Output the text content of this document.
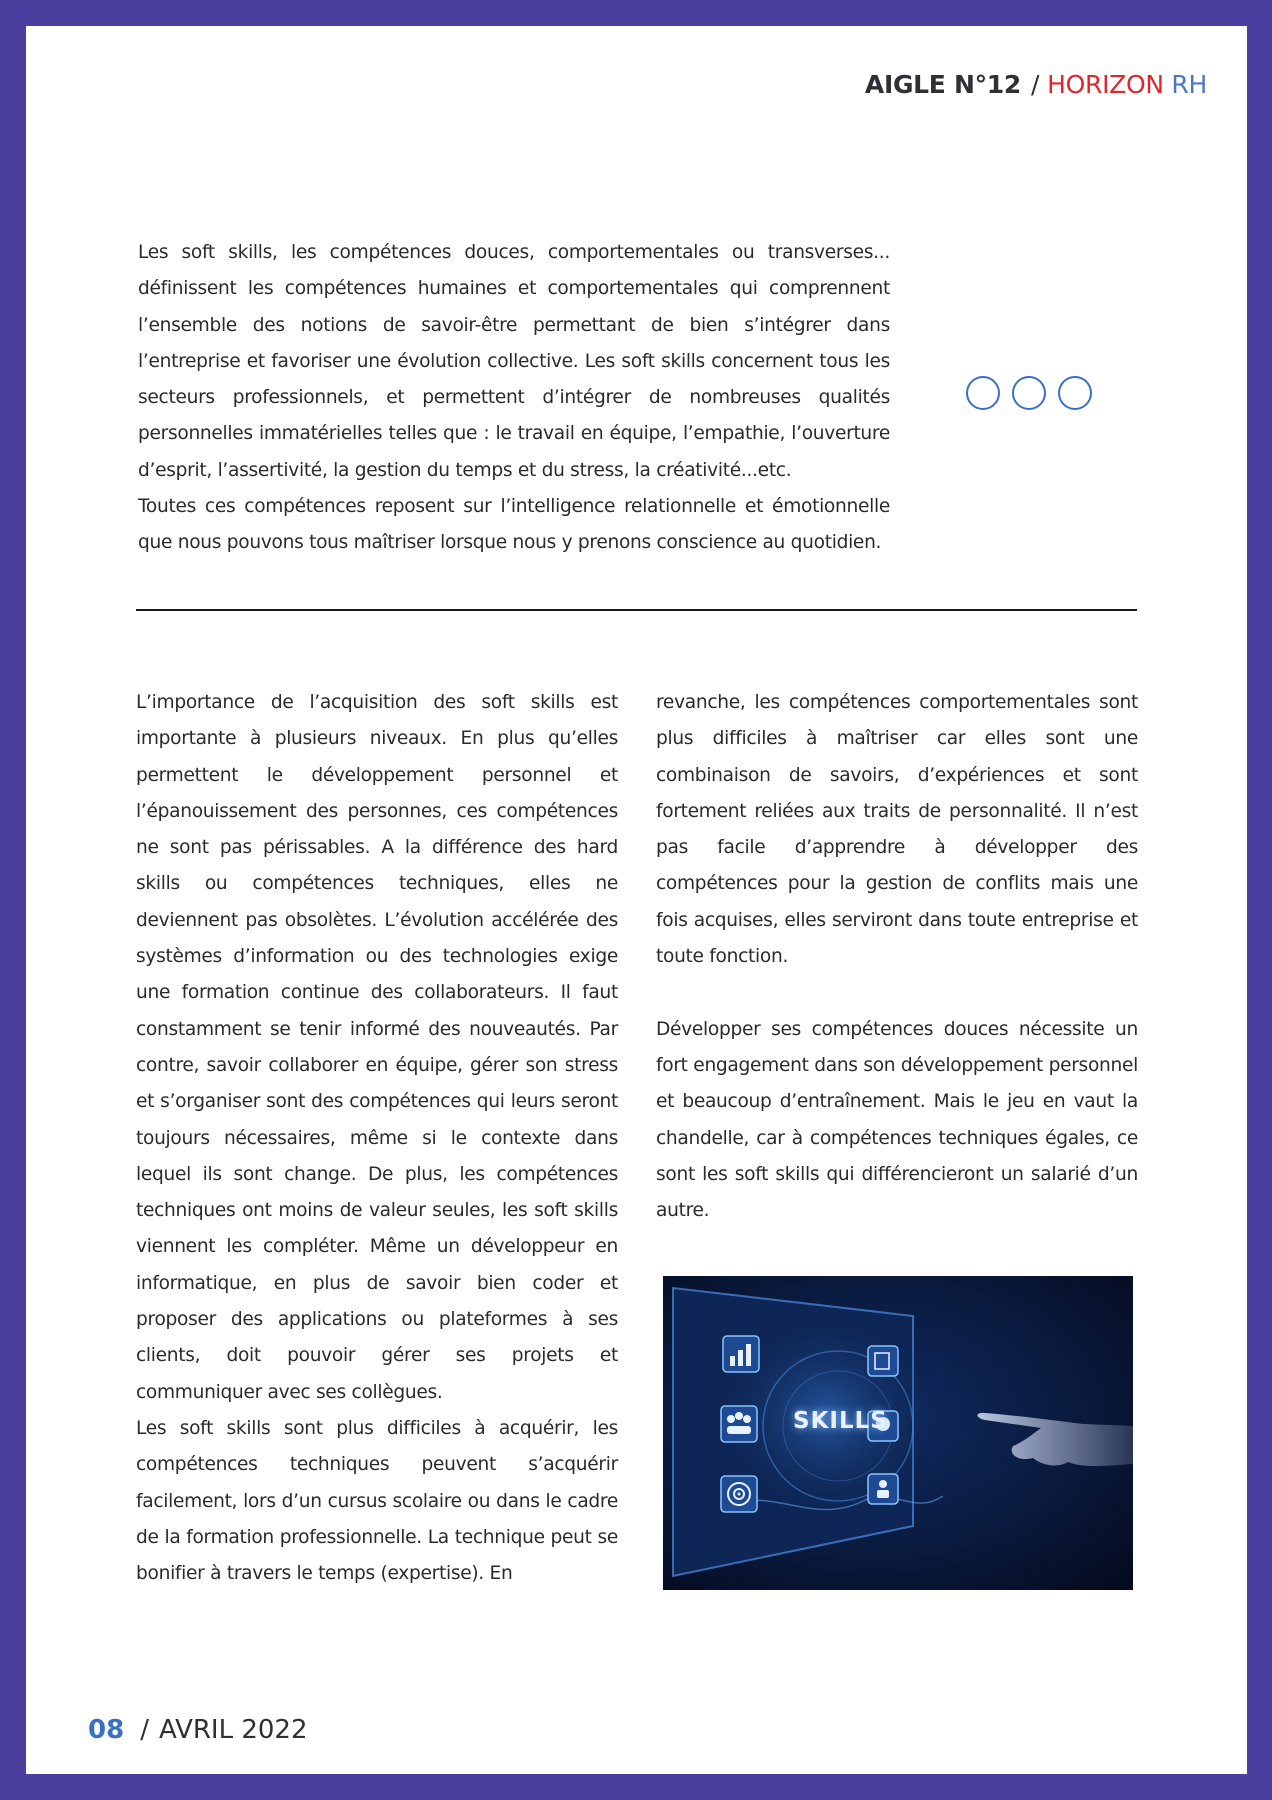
AIGLE N°12 / HORIZON RH

Les soft skills, les compétences douces, comportementales ou transverses... définissent les compétences humaines et comportementales qui comprennent l’ensemble des notions de savoir-être permettant de bien s’intégrer dans l’entreprise et favoriser une évolution collective. Les soft skills concernent tous les secteurs professionnels, et permettent d’intégrer de nombreuses qualités personnelles immatérielles telles que : le travail en équipe, l’empathie, l’ouverture d’esprit, l’assertivité, la gestion du temps et du stress, la créativité...etc.

Toutes ces compétences reposent sur l’intelligence relationnelle et émotionnelle que nous pouvons tous maîtriser lorsque nous y prenons conscience au quotidien.

L’importance de l’acquisition des soft skills est importante à plusieurs niveaux. En plus qu’elles permettent le développement personnel et l’épanouissement des personnes, ces compétences ne sont pas périssables. A la différence des hard skills ou compétences techniques, elles ne deviennent pas obsolètes. L’évolution accélérée des systèmes d’information ou des technologies exige une formation continue des collaborateurs. Il faut constamment se tenir informé des nouveautés. Par contre, savoir collaborer en équipe, gérer son stress et s’organiser sont des compétences qui leurs seront toujours nécessaires, même si le contexte dans lequel ils sont change. De plus, les compétences techniques ont moins de valeur seules, les soft skills viennent les compléter. Même un développeur en informatique, en plus de savoir bien coder et proposer des applications ou plateformes à ses clients, doit pouvoir gérer ses projets et communiquer avec ses collègues.

Les soft skills sont plus difficiles à acquérir, les compétences techniques peuvent s’acquérir facilement, lors d’un cursus scolaire ou dans le cadre de la formation professionnelle. La technique peut se bonifier à travers le temps (expertise). En

revanche, les compétences comportementales sont plus difficiles à maîtriser car elles sont une combinaison de savoirs, d’expériences et sont fortement reliées aux traits de personnalité. Il n’est pas facile d’apprendre à développer des compétences pour la gestion de conflits mais une fois acquises, elles serviront dans toute entreprise et toute fonction.

Développer ses compétences douces nécessite un fort engagement dans son développement personnel et beaucoup d’entraînement. Mais le jeu en vaut la chandelle, car à compétences techniques égales, ce sont les soft skills qui différencieront un salarié d’un autre.

SKILLS
08 / AVRIL 2022
